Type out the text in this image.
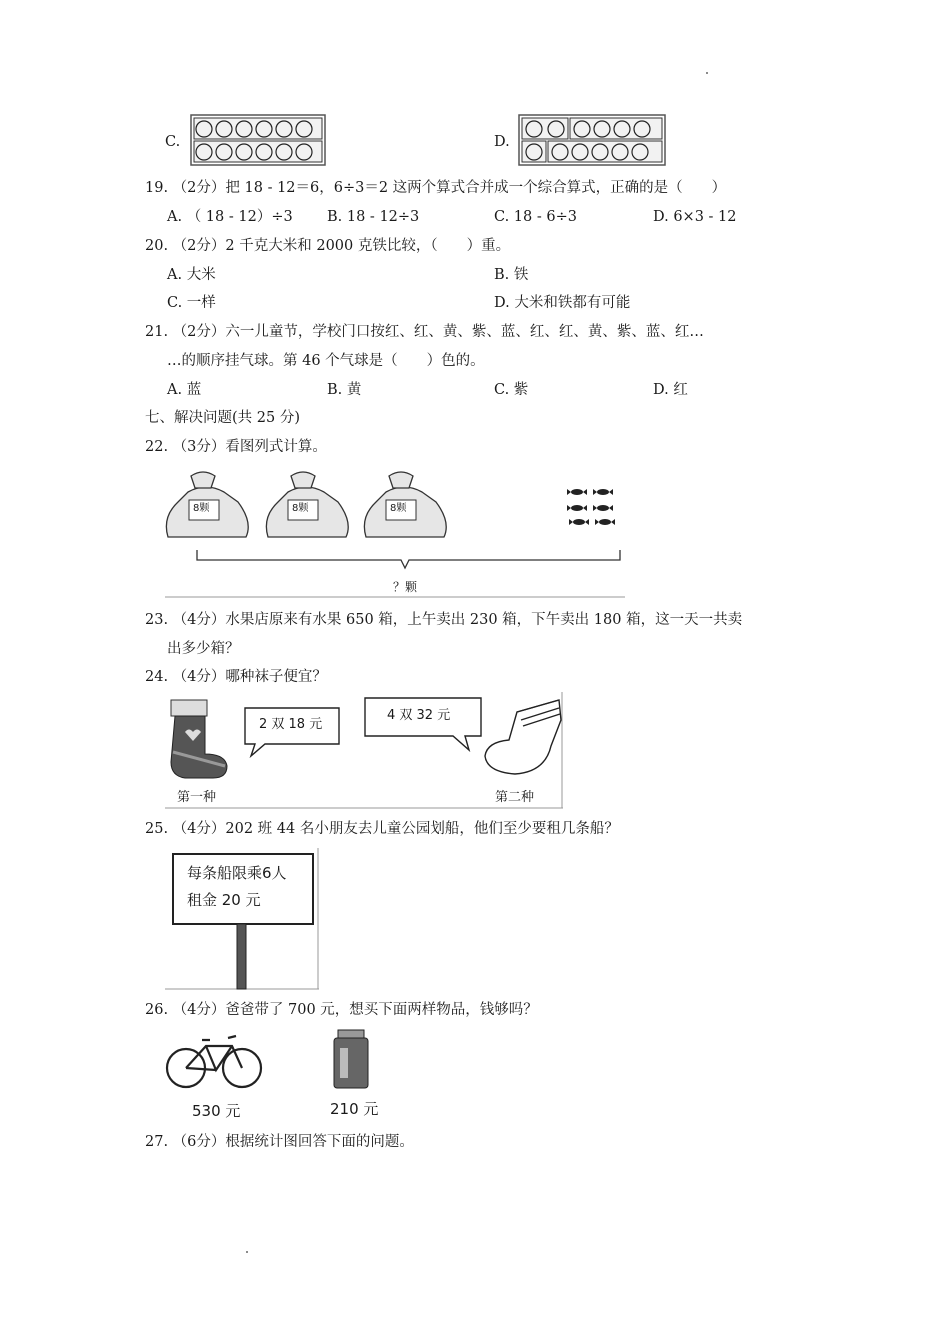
C.	D.
19. （2分）把 18 - 12＝6，6÷3＝2 这两个算式合并成一个综合算式，正确的是（　　）
A. （ 18 - 12）÷3 B. 18 - 12÷3	C. 18 - 6÷3	D. 6×3 - 12
20. （2分）2 千克大米和 2000 克铁比较，（　　）重。
A. 大米	B. 铁
C. 一样	D. 大米和铁都有可能
21. （2分）六一儿童节，学校门口按红、红、黄、紫、蓝、红、红、黄、紫、蓝、红…
…的顺序挂气球。第 46 个气球是（　　）色的。
A. 蓝	B. 黄	C. 紫	D. 红
七、解决问题(共 25 分)
22. （3分）看图列式计算。
8颗	8颗	8颗
？颗
23. （4分）水果店原来有水果 650 箱，上午卖出 230 箱，下午卖出 180 箱，这一天一共卖
出多少箱？
24. （4分）哪种袜子便宜？
2 双 18 元
4 双 32 元
第一种	第二种
25. （4分）202 班 44 名小朋友去儿童公园划船，他们至少要租几条船？
每条船限乘6人
租金 20 元
26. （4分）爸爸带了 700 元，想买下面两样物品，钱够吗？
530 元	210 元
27. （6分）根据统计图回答下面的问题。
